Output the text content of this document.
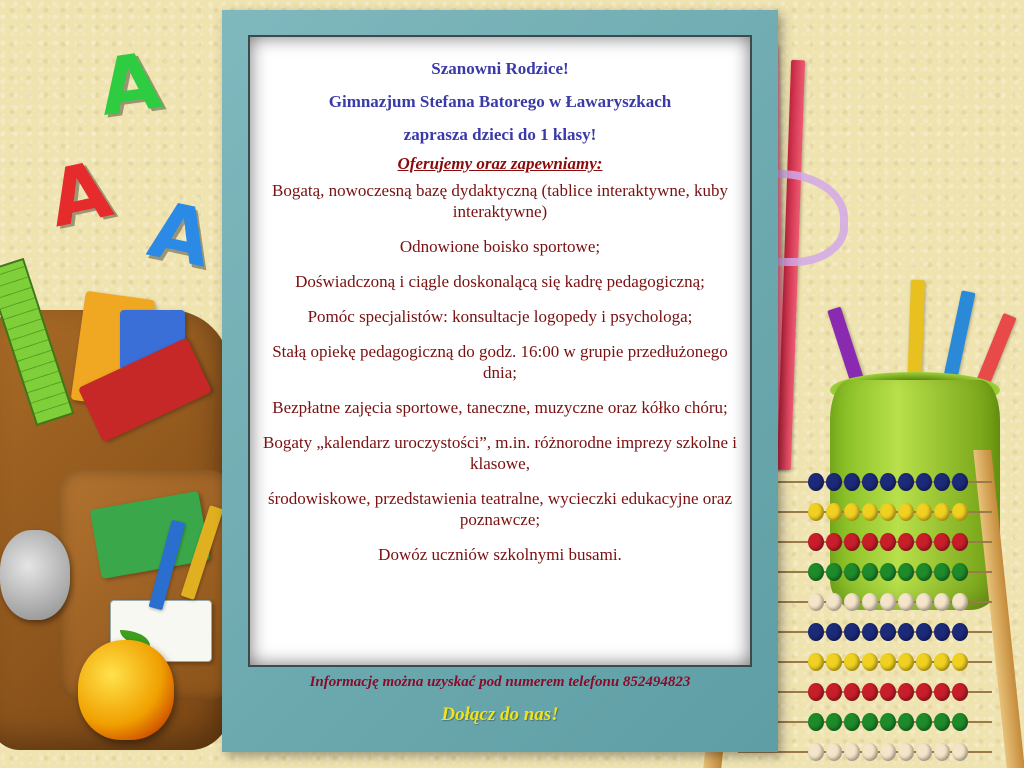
A
A A

Szanowni Rodzice!

Gimnazjum Stefana Batorego w Ławaryszkach

zaprasza dzieci do 1 klasy!

Oferujemy oraz zapewniamy:

Bogatą, nowoczesną bazę dydaktyczną (tablice interaktywne, kuby interaktywne)

Odnowione boisko sportowe;

Doświadczoną i ciągle doskonalącą się kadrę pedagogiczną;

Pomóc specjalistów: konsultacje logopedy i psychologa;

Stałą opiekę pedagogiczną do godz. 16:00 w grupie przedłużonego dnia;

Bezpłatne zajęcia sportowe, taneczne, muzyczne oraz kółko chóru;

Bogaty „kalendarz uroczystości”, m.in. różnorodne imprezy szkolne i klasowe,

środowiskowe, przedstawienia teatralne, wycieczki edukacyjne oraz poznawcze;

Dowóz uczniów szkolnymi busami.

Informację można uzyskać pod numerem telefonu 852494823
Dołącz do nas!
